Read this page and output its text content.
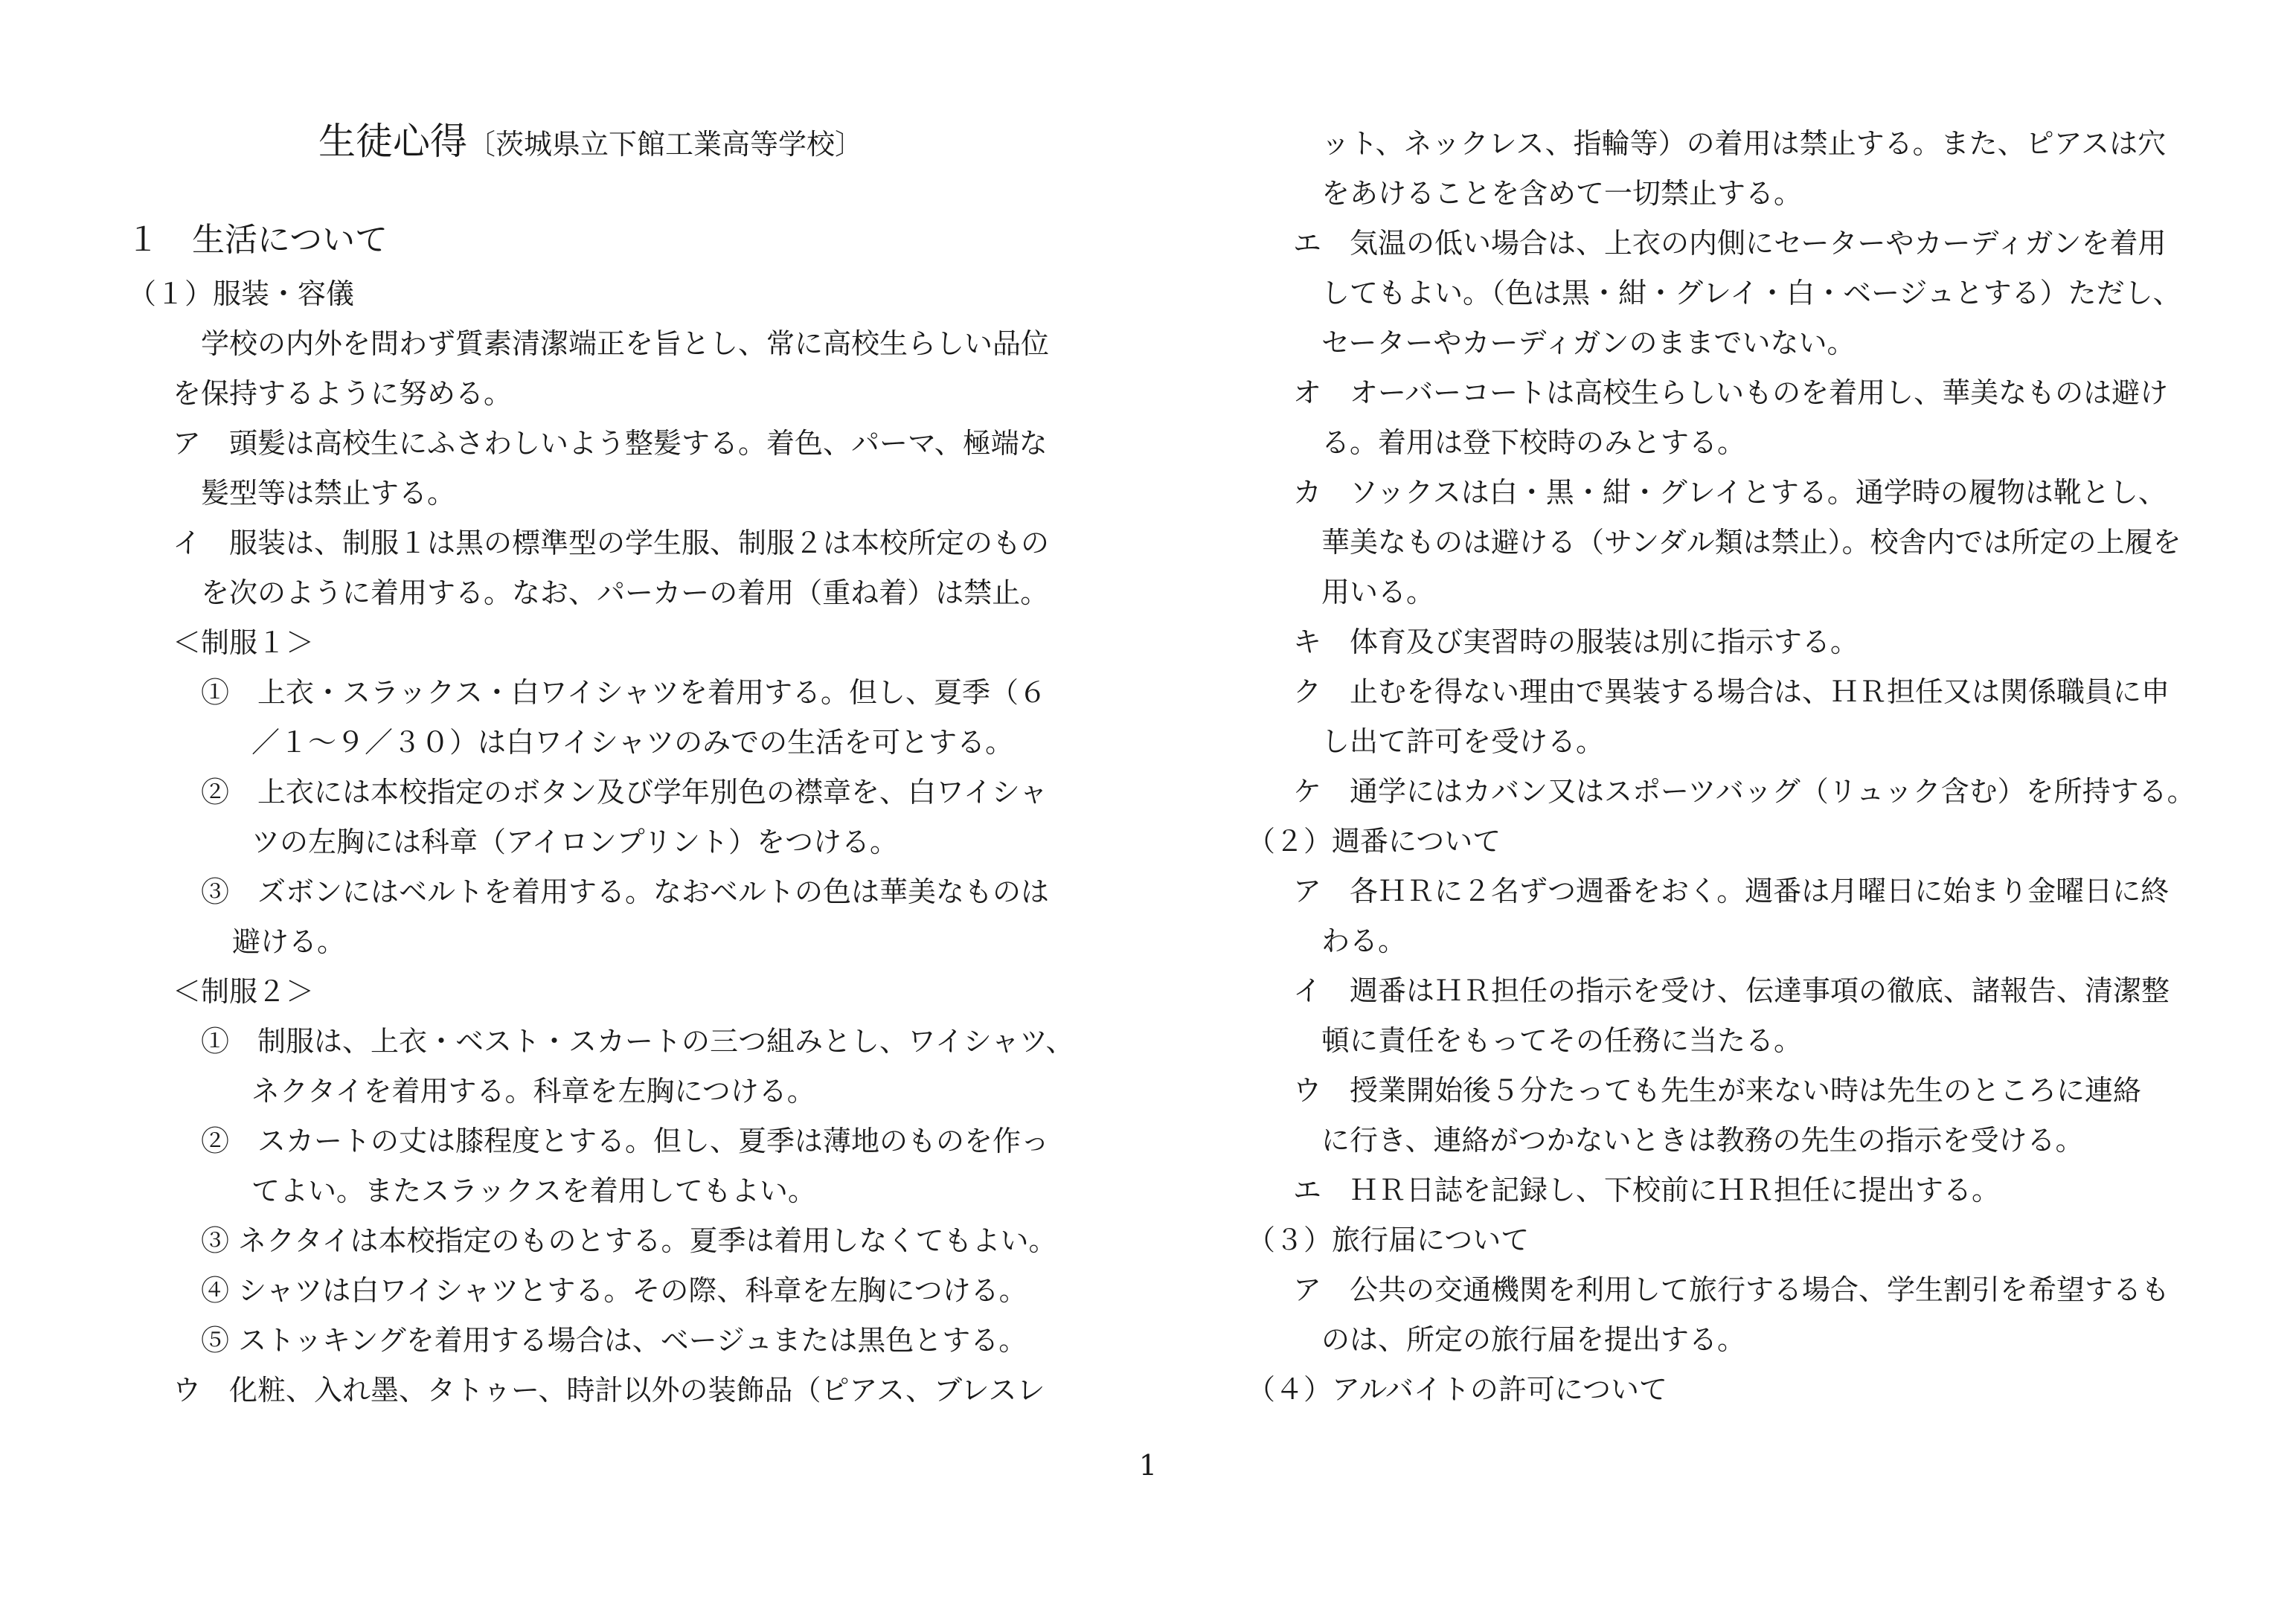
生徒心得〔茨城県立下館工業高等学校〕
１　生活について
（１）服装・容儀
学校の内外を問わず質素清潔端正を旨とし、常に高校生らしい品位
を保持するように努める。
ア　頭髪は高校生にふさわしいよう整髪する。着色、パーマ、極端な
髪型等は禁止する。
イ　服装は、制服１は黒の標準型の学生服、制服２は本校所定のもの
を次のように着用する。なお、パーカーの着用（重ね着）は禁止。
＜制服１＞
①　上衣・スラックス・白ワイシャツを着用する。但し、夏季（６
／１～９／３０）は白ワイシャツのみでの生活を可とする。
②　上衣には本校指定のボタン及び学年別色の襟章を、白ワイシャ
ツの左胸には科章（アイロンプリント）をつける。
③　ズボンにはベルトを着用する。なおベルトの色は華美なものは
避ける。
＜制服２＞
①　制服は、上衣・ベスト・スカートの三つ組みとし、ワイシャツ、
ネクタイを着用する。科章を左胸につける。
②　スカートの丈は膝程度とする。但し、夏季は薄地のものを作っ
てよい。またスラックスを着用してもよい。
③ ネクタイは本校指定のものとする。夏季は着用しなくてもよい。
④ シャツは白ワイシャツとする。その際、科章を左胸につける。
⑤ ストッキングを着用する場合は、ベージュまたは黒色とする。
ウ　化粧、入れ墨、タトゥー、時計以外の装飾品（ピアス、ブレスレ
ット、ネックレス、指輪等）の着用は禁止する。また、ピアスは穴
をあけることを含めて一切禁止する。
エ　気温の低い場合は、上衣の内側にセーターやカーディガンを着用
してもよい。（色は黒・紺・グレイ・白・ベージュとする）ただし、
セーターやカーディガンのままでいない。
オ　オーバーコートは高校生らしいものを着用し、華美なものは避け
る。着用は登下校時のみとする。
カ　ソックスは白・黒・紺・グレイとする。通学時の履物は靴とし、
華美なものは避ける（サンダル類は禁止）。校舎内では所定の上履を
用いる。
キ　体育及び実習時の服装は別に指示する。
ク　止むを得ない理由で異装する場合は、ＨＲ担任又は関係職員に申
し出て許可を受ける。
ケ　通学にはカバン又はスポーツバッグ（リュック含む）を所持する。
（２）週番について
ア　各ＨＲに２名ずつ週番をおく。週番は月曜日に始まり金曜日に終
わる。
イ　週番はＨＲ担任の指示を受け、伝達事項の徹底、諸報告、清潔整
頓に責任をもってその任務に当たる。
ウ　授業開始後５分たっても先生が来ない時は先生のところに連絡
に行き、連絡がつかないときは教務の先生の指示を受ける。
エ　ＨＲ日誌を記録し、下校前にＨＲ担任に提出する。
（３）旅行届について
ア　公共の交通機関を利用して旅行する場合、学生割引を希望するも
のは、所定の旅行届を提出する。
（４）アルバイトの許可について
1
